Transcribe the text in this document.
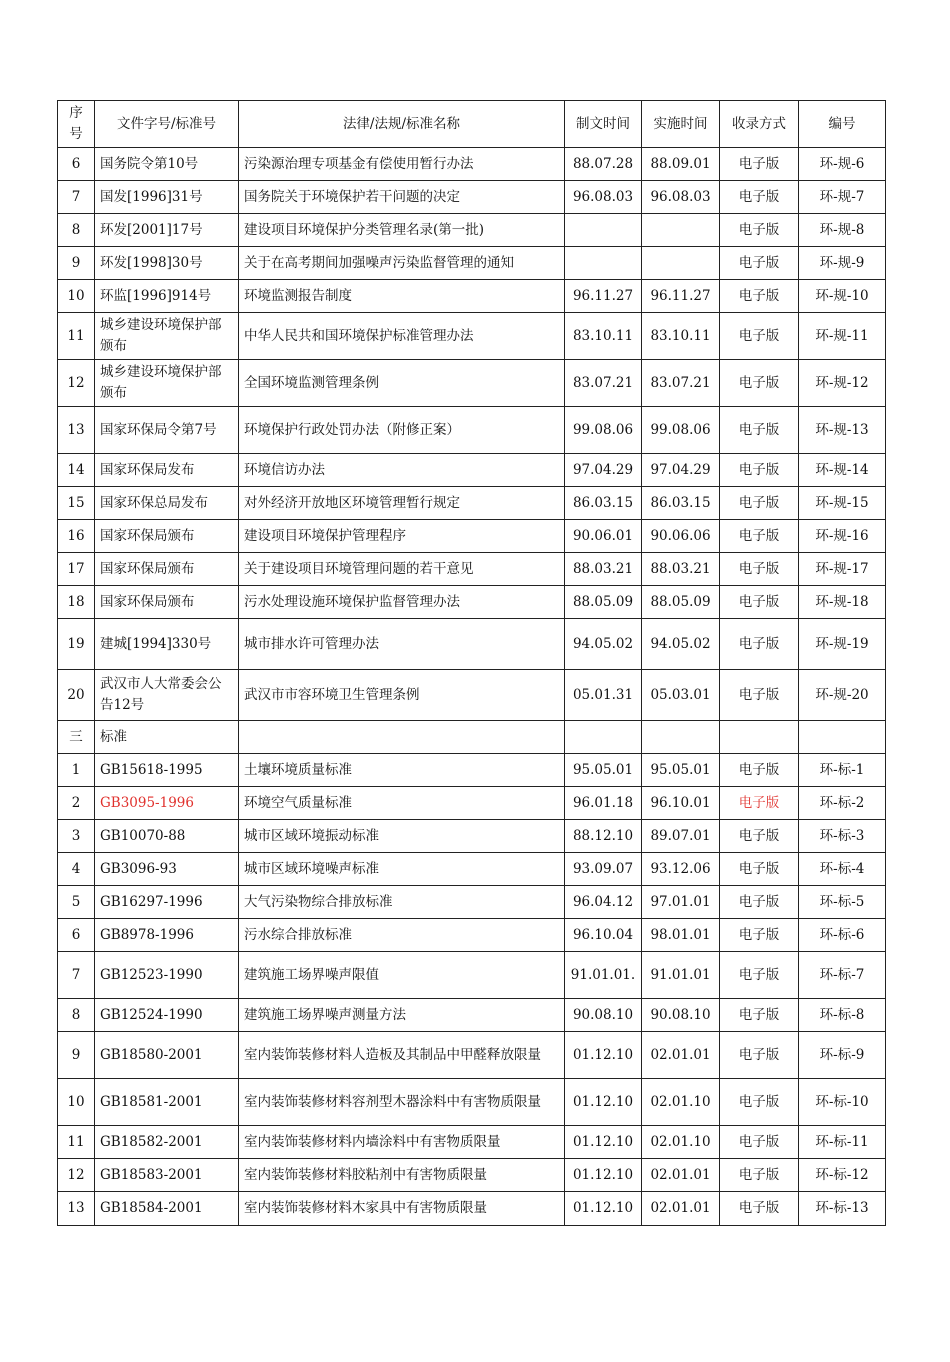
序号	文件字号/标准号	法律/法规/标准名称	制文时间	实施时间	收录方式	编号
6	国务院令第10号	污染源治理专项基金有偿使用暂行办法	88.07.28	88.09.01	电子版	环-规-6
7	国发[1996]31号	国务院关于环境保护若干问题的决定	96.08.03	96.08.03	电子版	环-规-7
8	环发[2001]17号	建设项目环境保护分类管理名录(第一批)			电子版	环-规-8
9	环发[1998]30号	关于在高考期间加强噪声污染监督管理的通知			电子版	环-规-9
10	环监[1996]914号	环境监测报告制度	96.11.27	96.11.27	电子版	环-规-10
11	城乡建设环境保护部颁布	中华人民共和国环境保护标准管理办法	83.10.11	83.10.11	电子版	环-规-11
12	城乡建设环境保护部颁布	全国环境监测管理条例	83.07.21	83.07.21	电子版	环-规-12
13	国家环保局令第7号	环境保护行政处罚办法（附修正案）	99.08.06	99.08.06	电子版	环-规-13
14	国家环保局发布	环境信访办法	97.04.29	97.04.29	电子版	环-规-14
15	国家环保总局发布	对外经济开放地区环境管理暂行规定	86.03.15	86.03.15	电子版	环-规-15
16	国家环保局颁布	建设项目环境保护管理程序	90.06.01	90.06.06	电子版	环-规-16
17	国家环保局颁布	关于建设项目环境管理问题的若干意见	88.03.21	88.03.21	电子版	环-规-17
18	国家环保局颁布	污水处理设施环境保护监督管理办法	88.05.09	88.05.09	电子版	环-规-18
19	建城[1994]330号	城市排水许可管理办法	94.05.02	94.05.02	电子版	环-规-19
20	武汉市人大常委会公告12号	武汉市市容环境卫生管理条例	05.01.31	05.03.01	电子版	环-规-20
三	标准					
1	GB15618-1995	土壤环境质量标准	95.05.01	95.05.01	电子版	环-标-1
2	GB3095-1996	环境空气质量标准	96.01.18	96.10.01	电子版	环-标-2
3	GB10070-88	城市区域环境振动标准	88.12.10	89.07.01	电子版	环-标-3
4	GB3096-93	城市区域环境噪声标准	93.09.07	93.12.06	电子版	环-标-4
5	GB16297-1996	大气污染物综合排放标准	96.04.12	97.01.01	电子版	环-标-5
6	GB8978-1996	污水综合排放标准	96.10.04	98.01.01	电子版	环-标-6
7	GB12523-1990	建筑施工场界噪声限值	91.01.01.	91.01.01	电子版	环-标-7
8	GB12524-1990	建筑施工场界噪声测量方法	90.08.10	90.08.10	电子版	环-标-8
9	GB18580-2001	室内装饰装修材料人造板及其制品中甲醛释放限量	01.12.10	02.01.01	电子版	环-标-9
10	GB18581-2001	室内装饰装修材料容剂型木器涂料中有害物质限量	01.12.10	02.01.10	电子版	环-标-10
11	GB18582-2001	室内装饰装修材料内墙涂料中有害物质限量	01.12.10	02.01.10	电子版	环-标-11
12	GB18583-2001	室内装饰装修材料胶粘剂中有害物质限量	01.12.10	02.01.01	电子版	环-标-12
13	GB18584-2001	室内装饰装修材料木家具中有害物质限量	01.12.10	02.01.01	电子版	环-标-13
